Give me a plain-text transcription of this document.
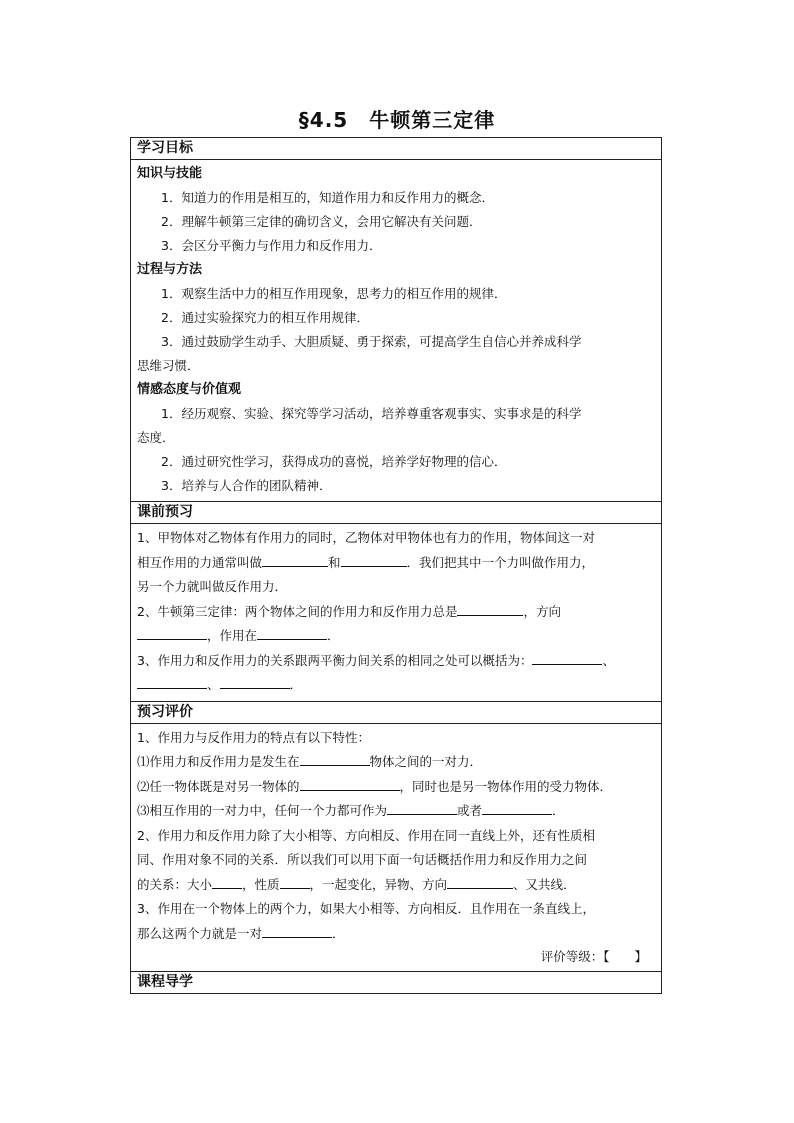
§4.5　牛顿第三定律
学习目标
知识与技能
1．知道力的作用是相互的，知道作用力和反作用力的概念．
2．理解牛顿第三定律的确切含义，会用它解决有关问题．
3．会区分平衡力与作用力和反作用力．
过程与方法
1．观察生活中力的相互作用现象，思考力的相互作用的规律．
2．通过实验探究力的相互作用规律．
3．通过鼓励学生动手、大胆质疑、勇于探索，可提高学生自信心并养成科学
思维习惯．
情感态度与价值观
1．经历观察、实验、探究等学习活动，培养尊重客观事实、实事求是的科学
态度．
2．通过研究性学习，获得成功的喜悦，培养学好物理的信心．
3．培养与人合作的团队精神．
课前预习
1、甲物体对乙物体有作用力的同时，乙物体对甲物体也有力的作用，物体间这一对
相互作用的力通常叫做	和	．我们把其中一个力叫做作用力，
另一个力就叫做反作用力．
2、牛顿第三定律：两个物体之间的作用力和反作用力总是	，方向
，作用在	．
3、作用力和反作用力的关系跟两平衡力间关系的相同之处可以概括为：	、
、	．
预习评价
1、作用力与反作用力的特点有以下特性：
⑴作用力和反作用力是发生在	物体之间的一对力．
⑵任一物体既是对另一物体的	，同时也是另一物体作用的受力物体．
⑶相互作用的一对力中，任何一个力都可作为	或者	．
2、作用力和反作用力除了大小相等、方向相反、作用在同一直线上外，还有性质相
同、作用对象不同的关系．所以我们可以用下面一句话概括作用力和反作用力之间
的关系：大小 ，性质 ，一起变化，异物、方向	、又共线．
3、作用在一个物体上的两个力，如果大小相等、方向相反．且作用在一条直线上，
那么这两个力就是一对	．
评价等级：【　　】
课程导学
